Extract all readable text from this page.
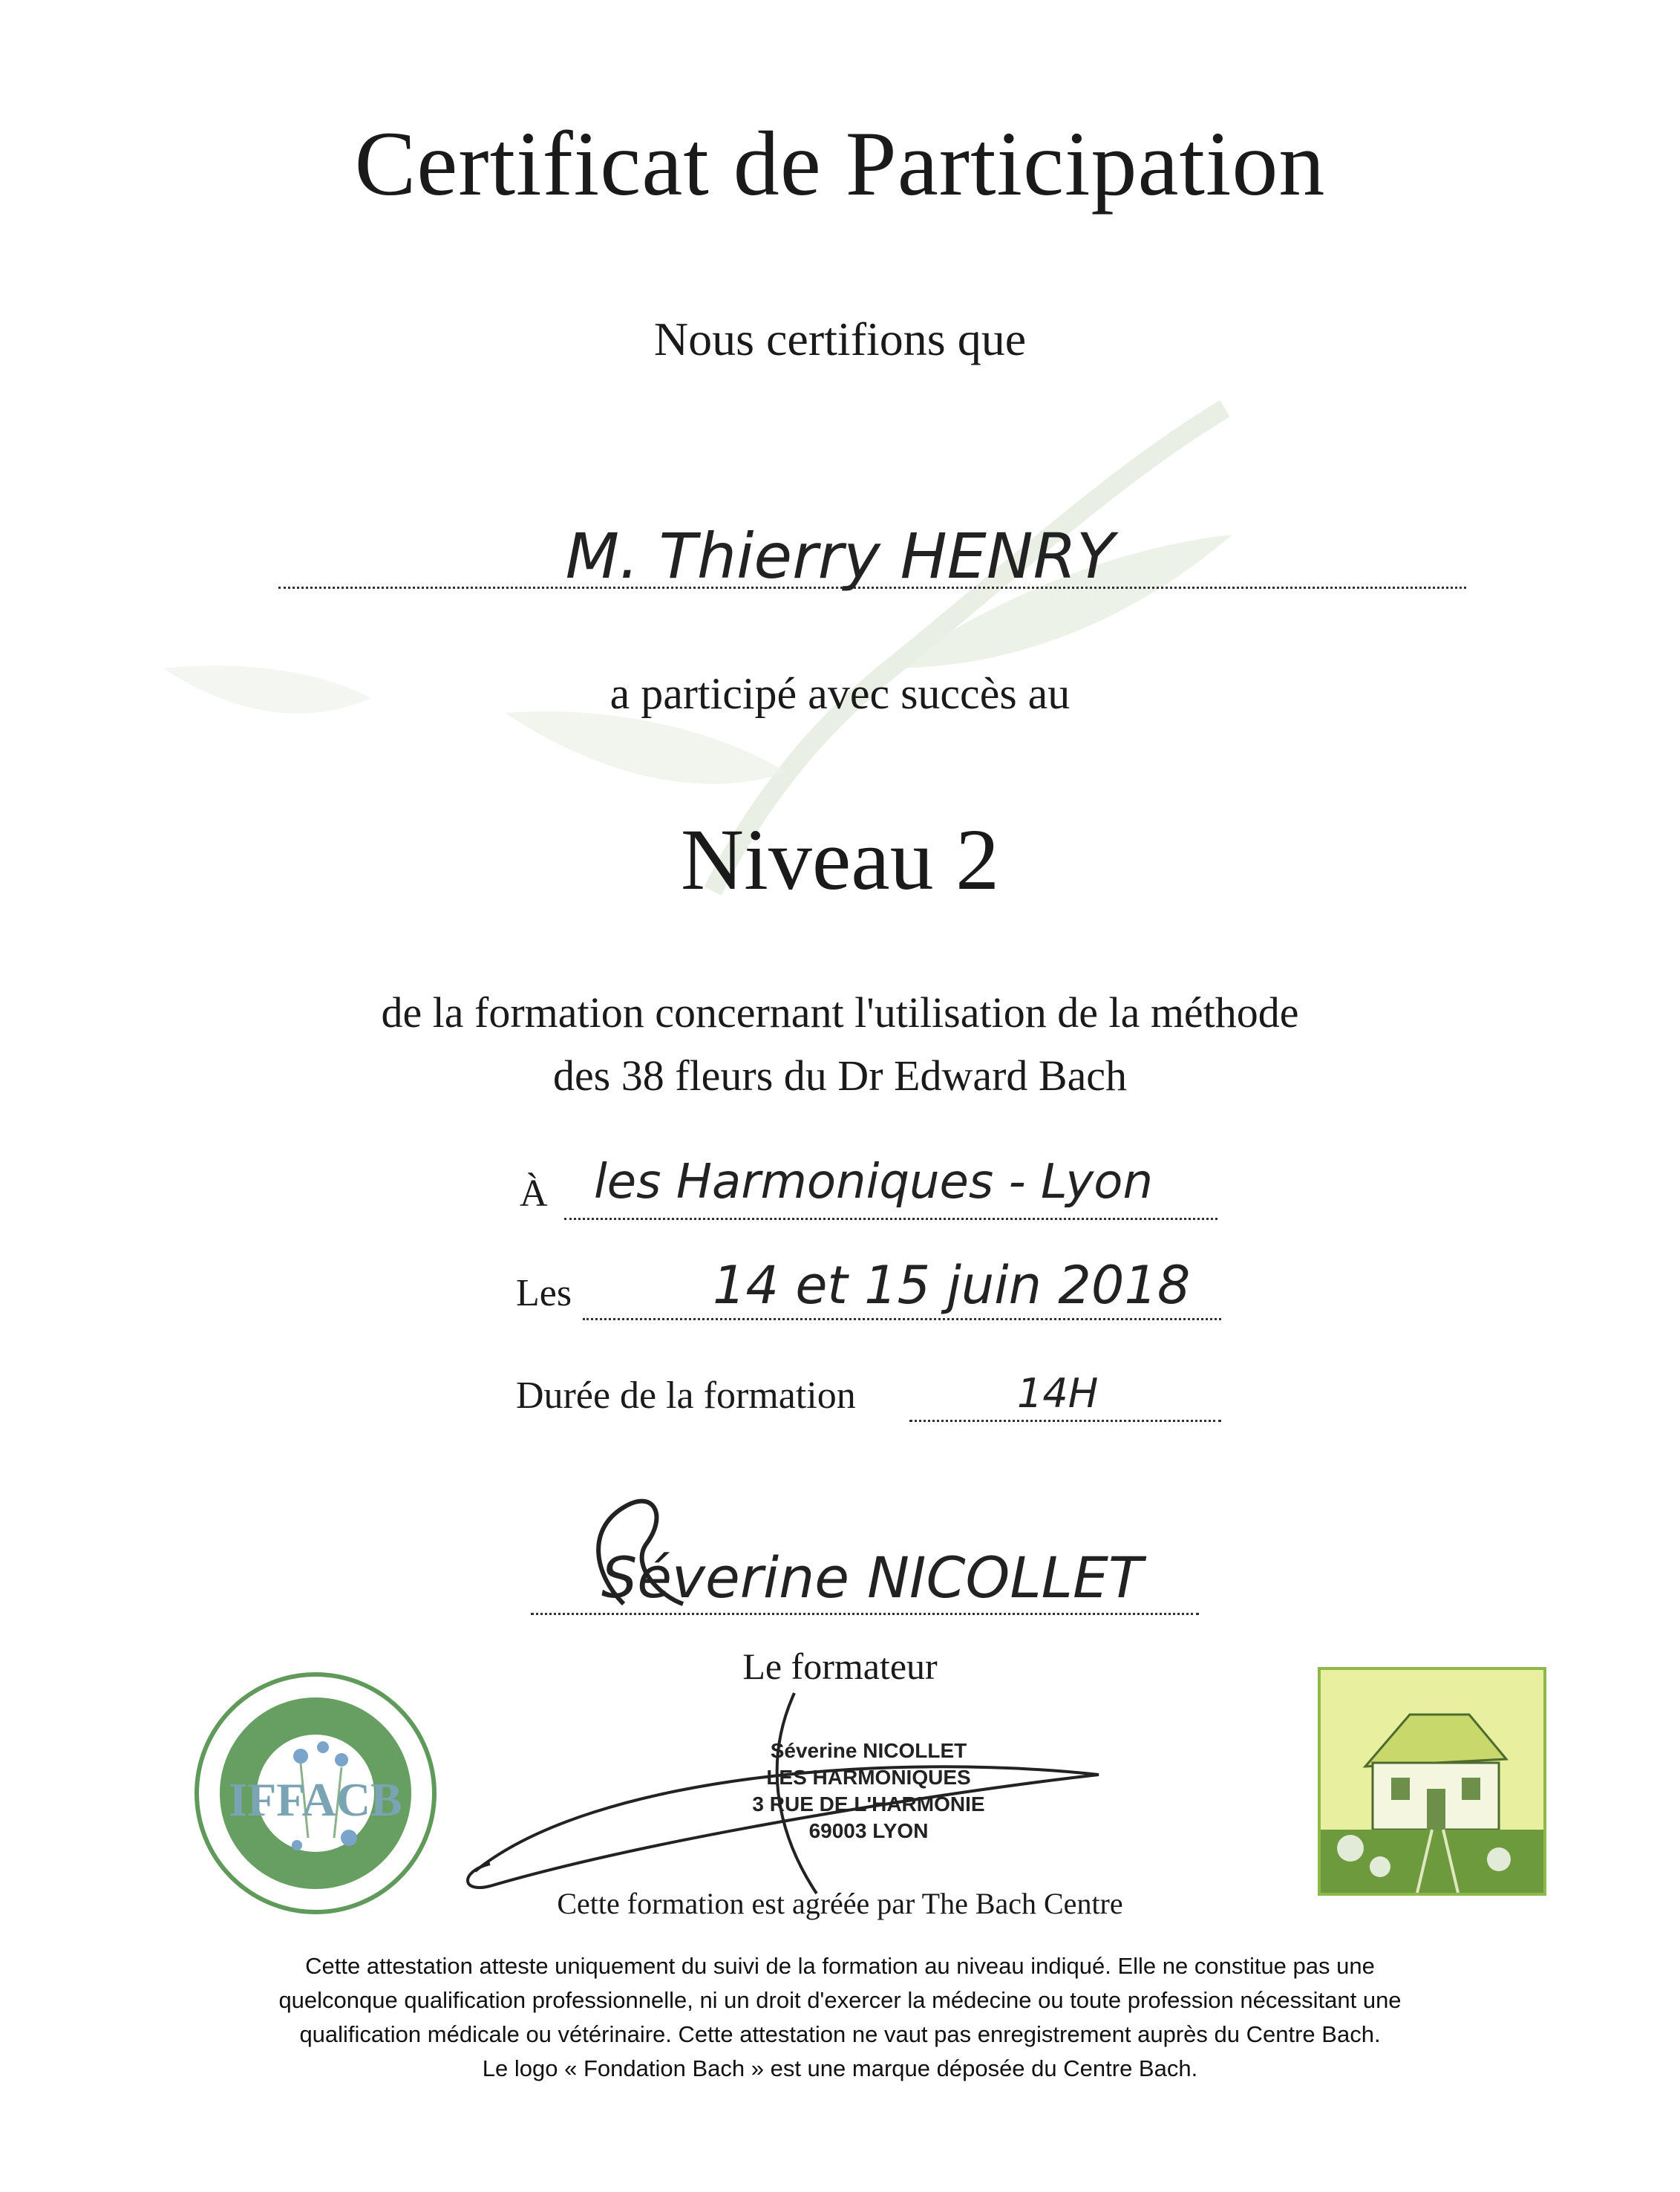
Certificat de Participation
Nous certifions que
M. Thierry HENRY
a participé avec succès au
Niveau 2
de la formation concernant l'utilisation de la méthode
des 38 fleurs du Dr Edward Bach
À les Harmoniques - Lyon
Les	14 et 15 juin 2018
Durée de la formation	14H
Séverine NICOLLET
Le formateur
IFFACB
Séverine NICOLLET
LES HARMONIQUES
3 RUE DE L'HARMONIE
69003 LYON
Cette formation est agréée par The Bach Centre
Cette attestation atteste uniquement du suivi de la formation au niveau indiqué. Elle ne constitue pas une
quelconque qualification professionnelle, ni un droit d'exercer la médecine ou toute profession nécessitant une
qualification médicale ou vétérinaire. Cette attestation ne vaut pas enregistrement auprès du Centre Bach.
Le logo « Fondation Bach » est une marque déposée du Centre Bach.
